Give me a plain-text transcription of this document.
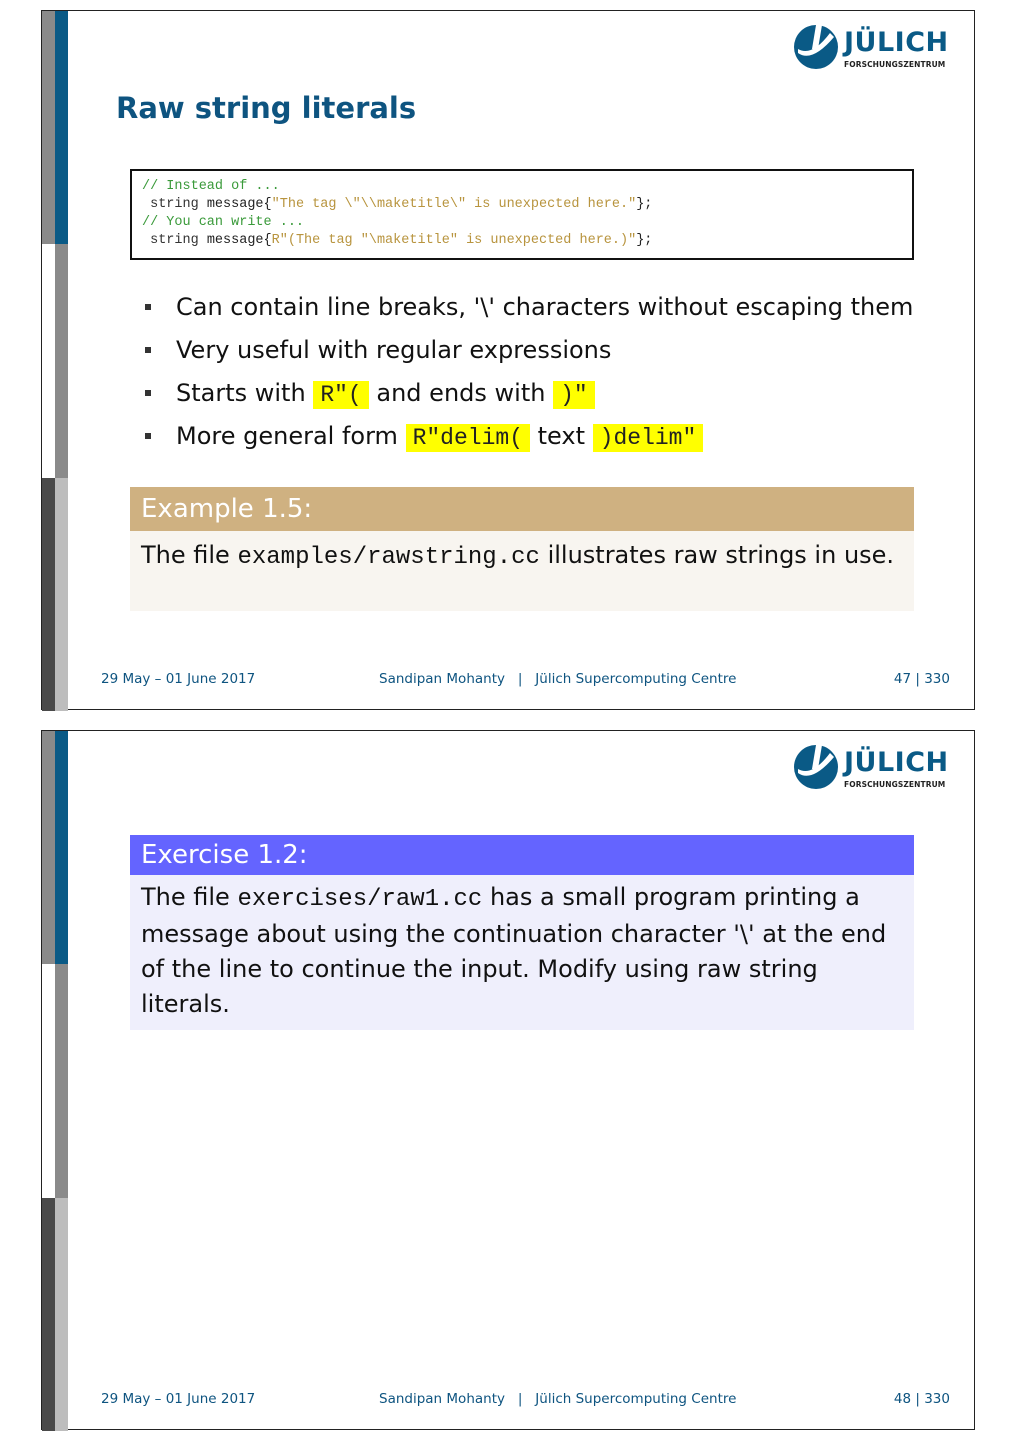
JÜLICH
FORSCHUNGSZENTRUM
Raw string literals
// Instead of ...
string message{"The tag \"\\maketitle\" is unexpected here."};
// You can write ...
string message{R"(The tag "\maketitle" is unexpected here.)"};
Can contain line breaks, '\' characters without escaping them
Very useful with regular expressions
Starts with R"( and ends with )"
More general form R"delim( text )delim"
Example 1.5:
The file examples/rawstring.cc illustrates raw strings in use.
29 May – 01 June 2017	Sandipan Mohanty | Jülich Supercomputing Centre	47 | 330
JÜLICH
FORSCHUNGSZENTRUM
Exercise 1.2:
The file exercises/raw1.cc has a small program printing a message about using the continuation character '\' at the end of the line to continue the input. Modify using raw string literals.
29 May – 01 June 2017	Sandipan Mohanty | Jülich Supercomputing Centre	48 | 330
